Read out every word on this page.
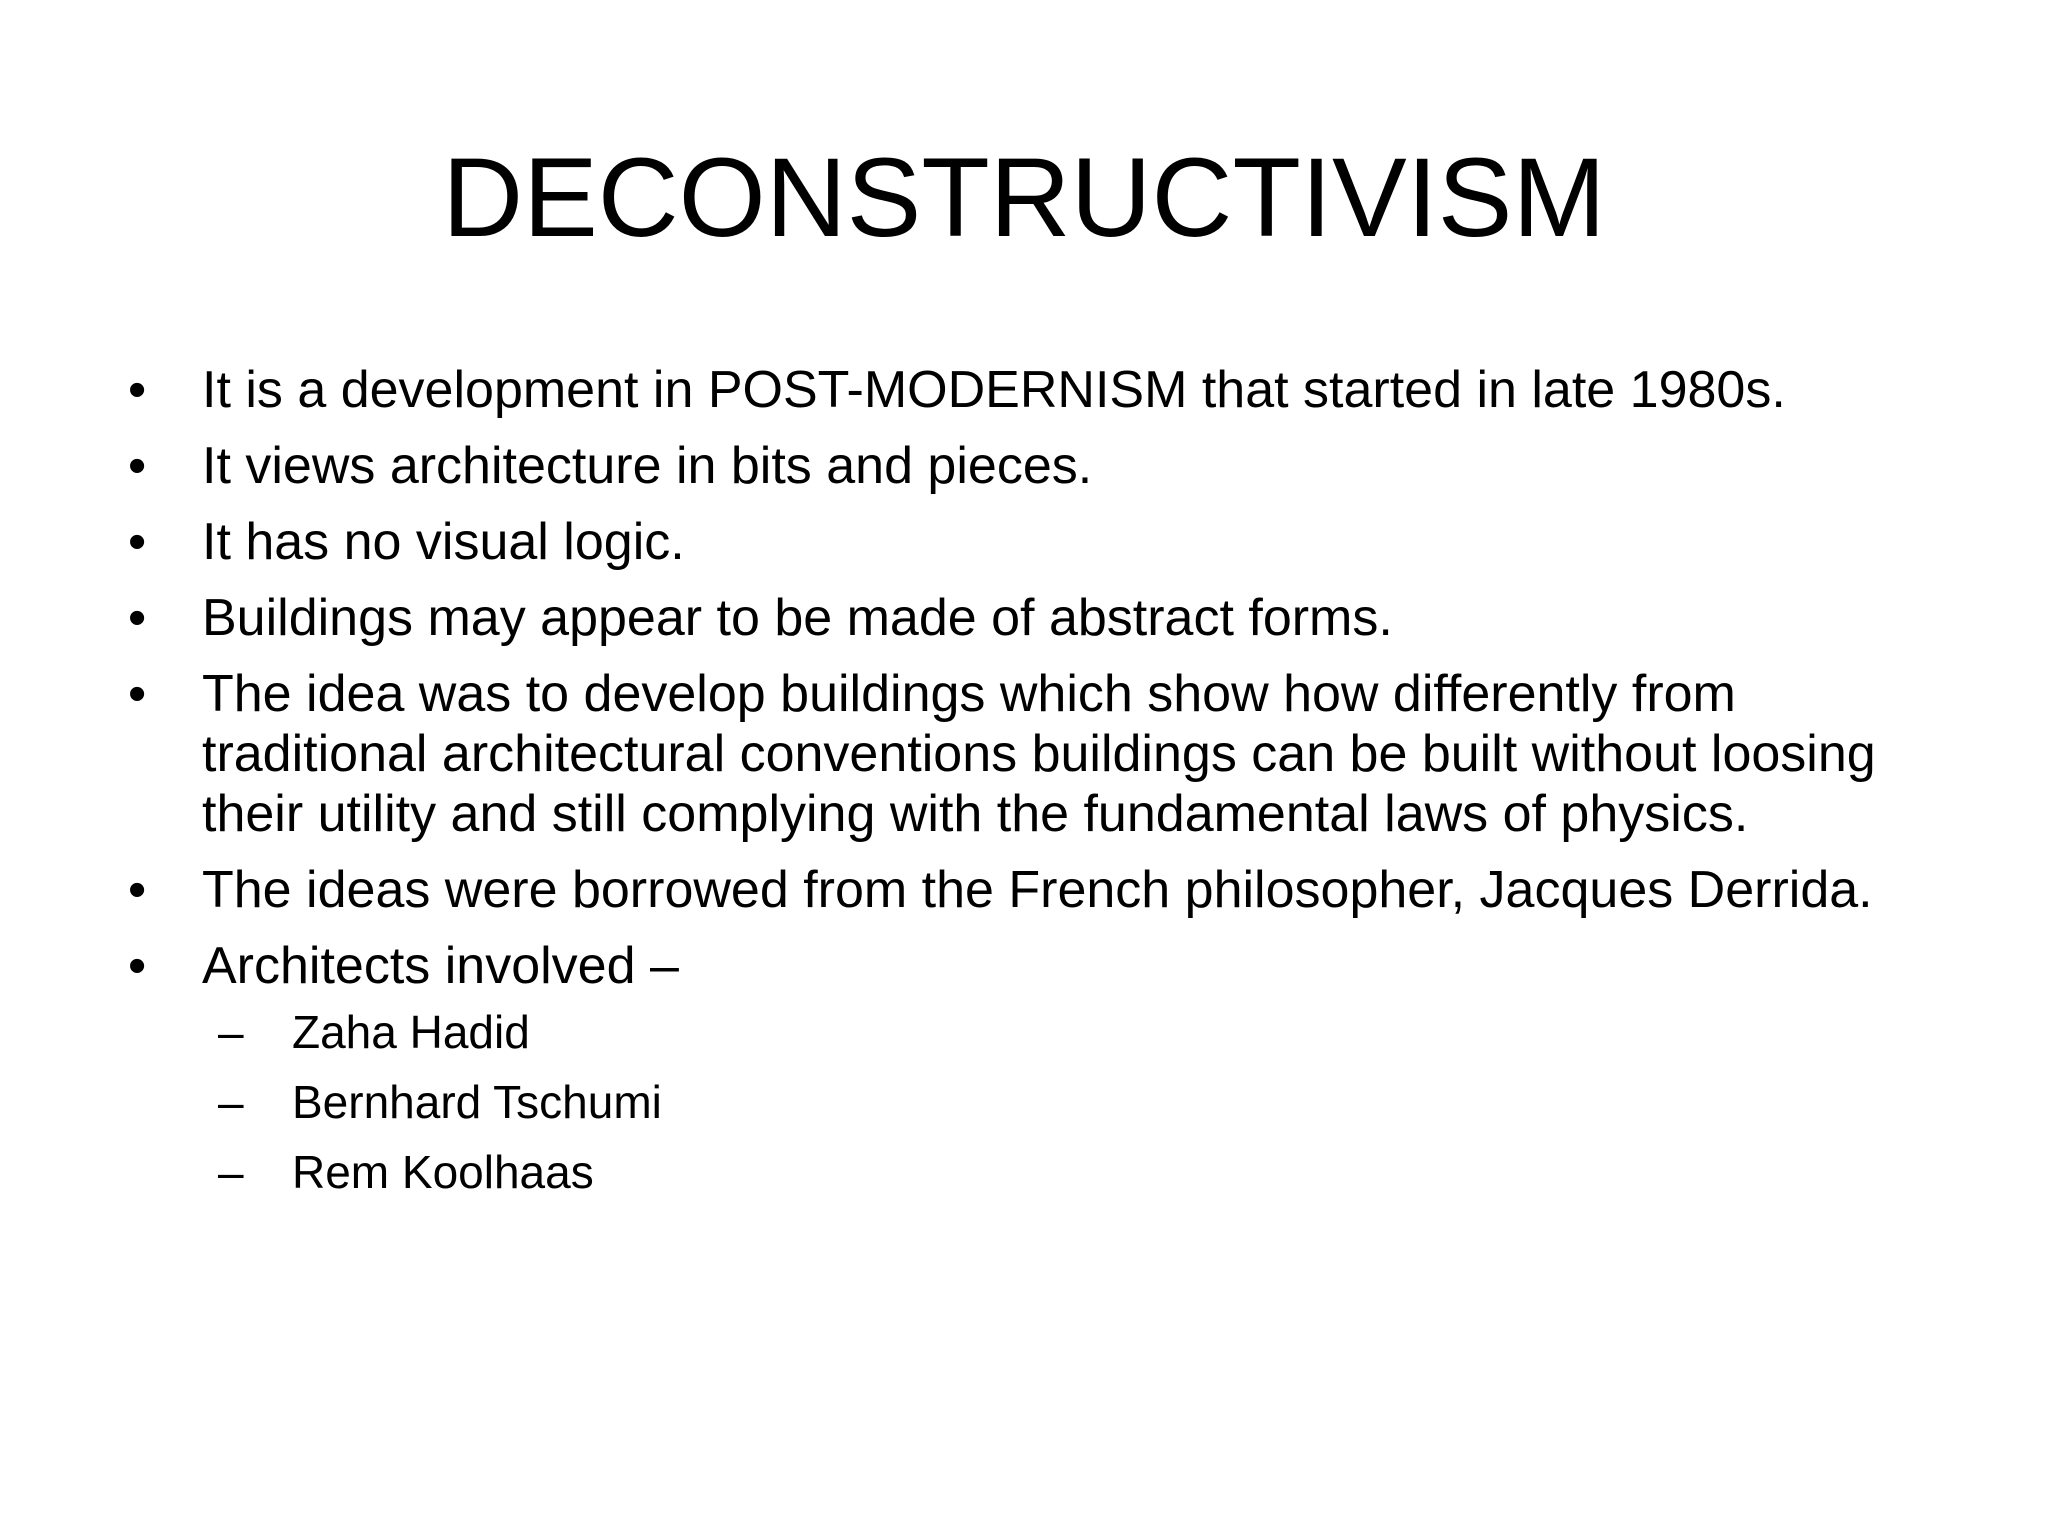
DECONSTRUCTIVISM
•	It is a development in POST-MODERNISM that started in late 1980s.
•	It views architecture in bits and pieces.
•	It has no visual logic.
•	Buildings may appear to be made of abstract forms.
•	The idea was to develop buildings which show how differently from traditional architectural conventions buildings can be built without loosing their utility and still complying with the fundamental laws of physics.
•	The ideas were borrowed from the French philosopher, Jacques Derrida.
•	Architects involved –
–	Zaha Hadid
–	Bernhard Tschumi
–	Rem Koolhaas
